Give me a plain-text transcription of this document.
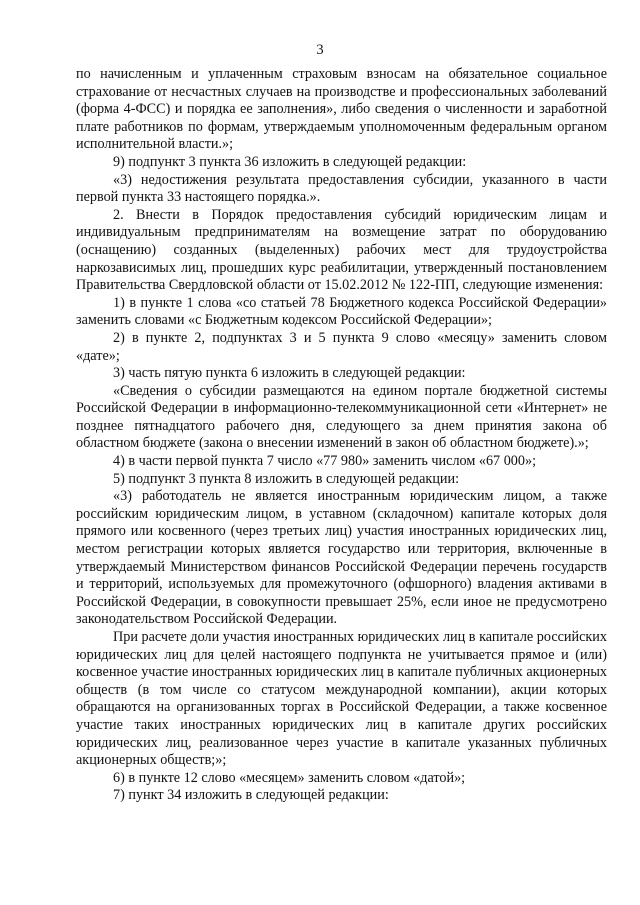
3

по начисленным и уплаченным страховым взносам на обязательное социальное страхование от несчастных случаев на производстве и профессиональных заболеваний (форма 4-ФСС) и порядка ее заполнения», либо сведения о численности и заработной плате работников по формам, утверждаемым уполномоченным федеральным органом исполнительной власти.»;

9) подпункт 3 пункта 36 изложить в следующей редакции:

«3) недостижения результата предоставления субсидии, указанного в части первой пункта 33 настоящего порядка.».

2. Внести в Порядок предоставления субсидий юридическим лицам и индивидуальным предпринимателям на возмещение затрат по оборудованию (оснащению) созданных (выделенных) рабочих мест для трудоустройства наркозависимых лиц, прошедших курс реабилитации, утвержденный постановлением Правительства Свердловской области от 15.02.2012 № 122-ПП, следующие изменения:

1) в пункте 1 слова «со статьей 78 Бюджетного кодекса Российской Федерации» заменить словами «с Бюджетным кодексом Российской Федерации»;

2) в пункте 2, подпунктах 3 и 5 пункта 9 слово «месяцу» заменить словом «дате»;

3) часть пятую пункта 6 изложить в следующей редакции:

«Сведения о субсидии размещаются на едином портале бюджетной системы Российской Федерации в информационно-телекоммуникационной сети «Интернет» не позднее пятнадцатого рабочего дня, следующего за днем принятия закона об областном бюджете (закона о внесении изменений в закон об областном бюджете).»;

4) в части первой пункта 7 число «77 980» заменить числом «67 000»;

5) подпункт 3 пункта 8 изложить в следующей редакции:

«3) работодатель не является иностранным юридическим лицом, а также российским юридическим лицом, в уставном (складочном) капитале которых доля прямого или косвенного (через третьих лиц) участия иностранных юридических лиц, местом регистрации которых является государство или территория, включенные в утверждаемый Министерством финансов Российской Федерации перечень государств и территорий, используемых для промежуточного (офшорного) владения активами в Российской Федерации, в совокупности превышает 25%, если иное не предусмотрено законодательством Российской Федерации.

При расчете доли участия иностранных юридических лиц в капитале российских юридических лиц для целей настоящего подпункта не учитывается прямое и (или) косвенное участие иностранных юридических лиц в капитале публичных акционерных обществ (в том числе со статусом международной компании), акции которых обращаются на организованных торгах в Российской Федерации, а также косвенное участие таких иностранных юридических лиц в капитале других российских юридических лиц, реализованное через участие в капитале указанных публичных акционерных обществ;»;

6) в пункте 12 слово «месяцем» заменить словом «датой»;

7) пункт 34 изложить в следующей редакции:
